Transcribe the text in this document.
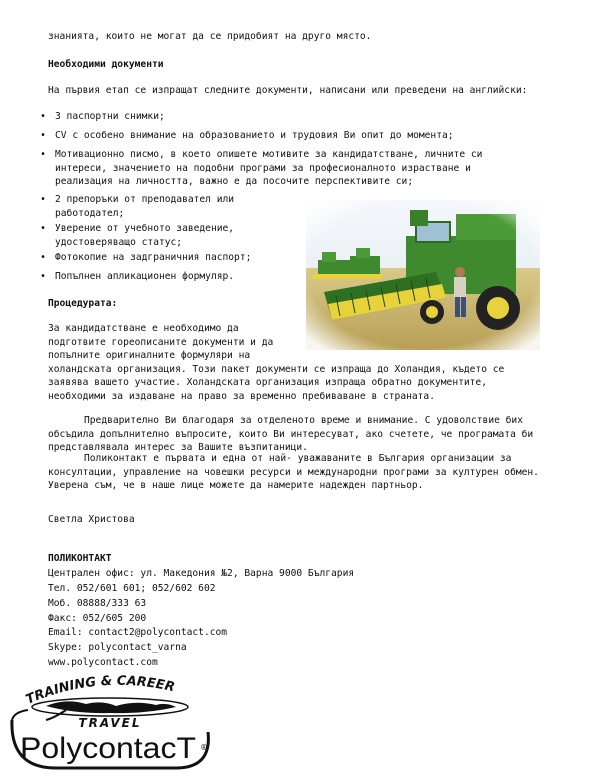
знанията, които не могат да се придобият на друго място.
Необходими документи
На първия етап се изпращат следните документи, написани или преведени на английски:
• 3 паспортни снимки;
• CV с особено внимание на образованието и трудовия Ви опит до момента;
• Мотивационно писмо, в което опишете мотивите за кандидатстване, личните си интереси, значението на подобни програми за професионалното израстване и реализация на личността, важно е да посочите перспективите си;
• 2 препоръки от преподавател или работодател;
• Уверение от учебното заведение, удостоверяващо статус;
• Фотокопие на задграничния паспорт;
• Попълнен апликационен формуляр.
Процедурата:
За кандидатстване е необходимо да подготвите гореописаните документи и да попълните оригиналните формуляри на холандската организация. Този пакет документи се изпраща до Холандия, където се заявява вашето участие. Холандската организация изпраща обратно документите, необходими за издаване на право за временно пребиваване в страната.
Предварително Ви благодаря за отделеното време и внимание. С удоволствие бих обсъдила допълнително въпросите, които Ви интересуват, ако счетете, че програмата би представлявала интерес за Вашите възпитаници.
Поликонтакт е първата и една от най- уважаваните в България организации за консултации, управление на човешки ресурси и международни програми за културен обмен. Уверена съм, че в наше лице можете да намерите надежден партньор.
Светла Христова
ПОЛИКОНТАКТ
Централен офис: ул. Македония №2, Варна 9000 България
Тел. 052/601 601; 052/602 602
Моб. 08888/333 63
Факс: 052/605 200
Email: contact2@polycontact.com
Skype: polycontact_varna
www.polycontact.com
TRAINING & CAREER
TRAVEL
PolycontacT ®
